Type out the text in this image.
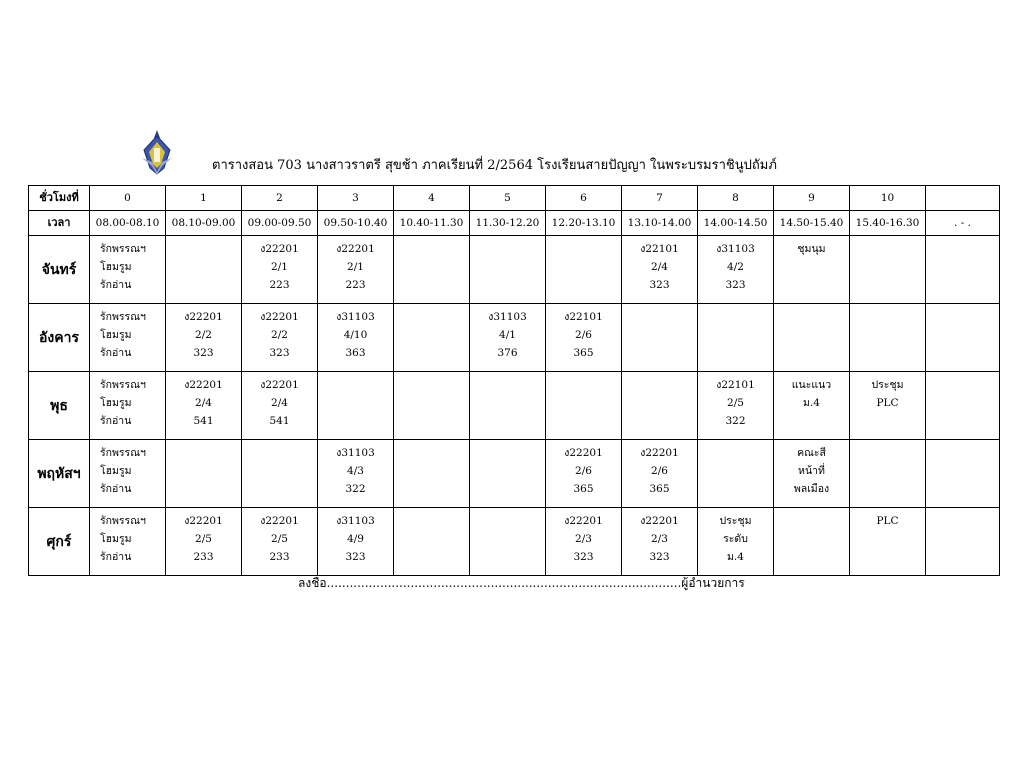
ตารางสอน 703 นางสาวราตรี สุขช้า ภาคเรียนที่ 2/2564 โรงเรียนสายปัญญา ในพระบรมราชินูปถัมภ์
ชั่วโมงที่	0	1	2	3	4	5	6	7	8	9	10	
เวลา	08.00-08.10	08.10-09.00	09.00-09.50	09.50-10.40	10.40-11.30	11.30-12.20	12.20-13.10	13.10-14.00	14.00-14.50	14.50-15.40	15.40-16.30	. - .
จันทร์	รักพรรณฯ
โฮมรูม
รักอ่าน		ง22201
2/1
223	ง22201
2/1
223				ง22101
2/4
323	ง31103
4/2
323	ชุมนุม		

อังคาร	รักพรรณฯ
โฮมรูม
รักอ่าน	ง22201
2/2
323	ง22201
2/2
323	ง31103
4/10
363		ง31103
4/1
376	ง22101
2/6
365					

พุธ	รักพรรณฯ
โฮมรูม
รักอ่าน	ง22201
2/4
541	ง22201
2/4
541						ง22101
2/5
322	แนะแนว
ม.4	ประชุม
PLC	

พฤหัสฯ	รักพรรณฯ
โฮมรูม
รักอ่าน			ง31103
4/3
322			ง22201
2/6
365	ง22201
2/6
365		คณะสี
หน้าที่
พลเมือง		

ศุกร์	รักพรรณฯ
โฮมรูม
รักอ่าน	ง22201
2/5
233	ง22201
2/5
233	ง31103
4/9
323			ง22201
2/3
323	ง22201
2/3
323	ประชุม
ระดับ
ม.4		PLC	

ลงชื่อ.............................................................................................ผู้อำนวยการ
